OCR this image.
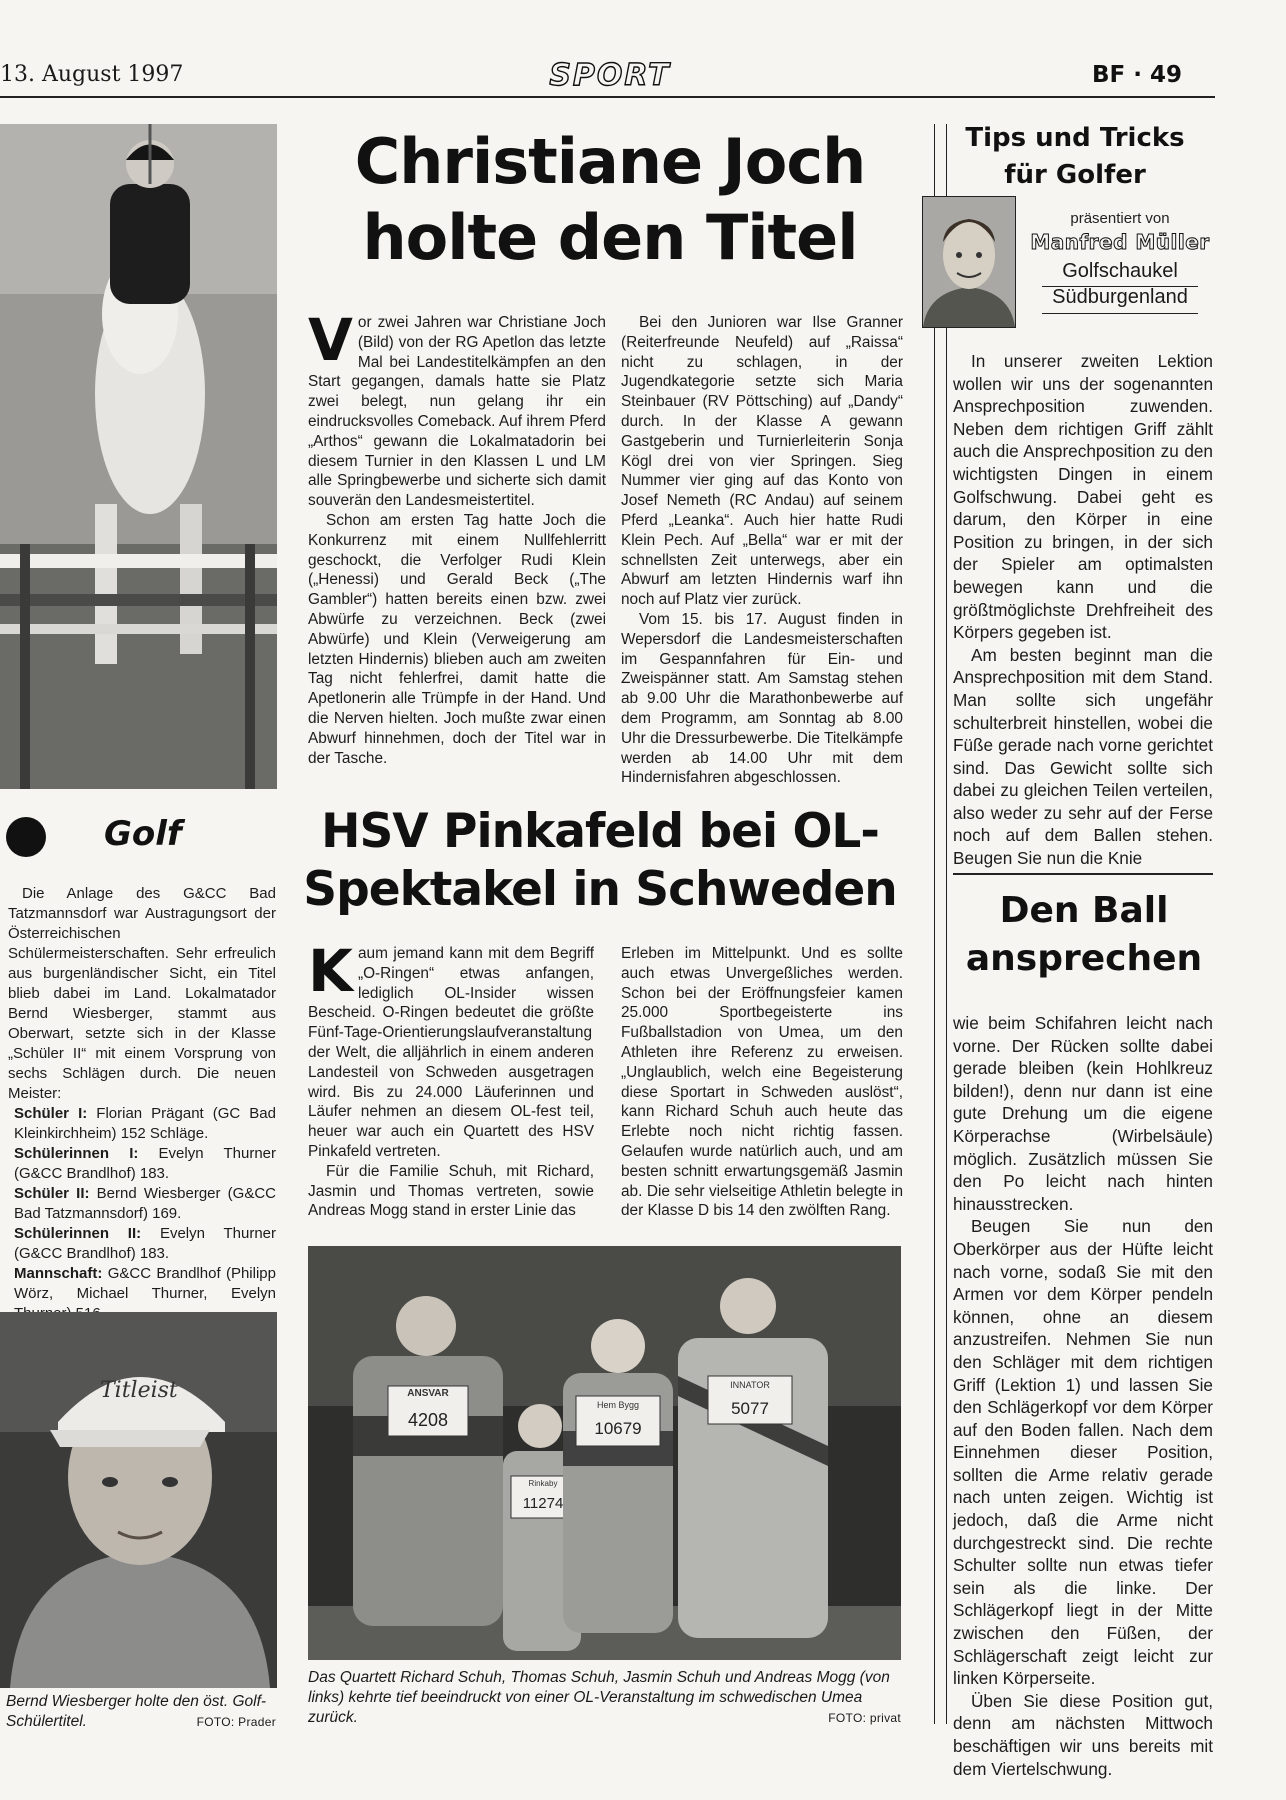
13. August 1997	SPORT	BF · 49
Christiane Joch holte den Titel
V or zwei Jahren war Christiane Joch (Bild) von der RG Apetlon das letzte Mal bei Landestitelkämpfen an den Start gegangen, damals hatte sie Platz zwei belegt, nun gelang ihr ein eindrucksvolles Comeback. Auf ihrem Pferd „Arthos“ gewann die Lokalmatadorin bei diesem Turnier in den Klassen L und LM alle Springbewerbe und sicherte sich damit souverän den Landesmeistertitel.

Schon am ersten Tag hatte Joch die Konkurrenz mit einem Nullfehlerritt geschockt, die Verfolger Rudi Klein („Henessi) und Gerald Beck („The Gambler“) hatten bereits einen bzw. zwei Abwürfe zu verzeichnen. Beck (zwei Abwürfe) und Klein (Verweigerung am letzten Hindernis) blieben auch am zweiten Tag nicht fehlerfrei, damit hatte die Apetlonerin alle Trümpfe in der Hand. Und die Nerven hielten. Joch mußte zwar einen Abwurf hinnehmen, doch der Titel war in der Tasche.

Bei den Junioren war Ilse Granner (Reiterfreunde Neufeld) auf „Raissa“ nicht zu schlagen, in der Jugendkategorie setzte sich Maria Steinbauer (RV Pöttsching) auf „Dandy“ durch. In der Klasse A gewann Gastgeberin und Turnierleiterin Sonja Kögl drei von vier Springen. Sieg Nummer vier ging auf das Konto von Josef Nemeth (RC Andau) auf seinem Pferd „Leanka“. Auch hier hatte Rudi Klein Pech. Auf „Bella“ war er mit der schnellsten Zeit unterwegs, aber ein Abwurf am letzten Hindernis warf ihn noch auf Platz vier zurück.

Vom 15. bis 17. August finden in Wepersdorf die Landesmeisterschaften im Gespannfahren für Ein- und Zweispänner statt. Am Samstag stehen ab 9.00 Uhr die Marathonbewerbe auf dem Programm, am Sonntag ab 8.00 Uhr die Dressurbewerbe. Die Titelkämpfe werden ab 14.00 Uhr mit dem Hindernisfahren abgeschlossen.

Golf

Die Anlage des G&CC Bad Tatzmannsdorf war Austragungsort der Österreichischen Schülermeisterschaften. Sehr erfreulich aus burgenländischer Sicht, ein Titel blieb dabei im Land. Lokalmatador Bernd Wiesberger, stammt aus Oberwart, setzte sich in der Klasse „Schüler II“ mit einem Vorsprung von sechs Schlägen durch. Die neuen Meister:

Schüler I: Florian Prägant (GC Bad Kleinkirchheim) 152 Schläge.

Schülerinnen I: Evelyn Thurner (G&CC Brandlhof) 183.

Schüler II: Bernd Wiesberger (G&CC Bad Tatzmannsdorf) 169.

Schülerinnen II: Evelyn Thurner (G&CC Brandlhof) 183.

Mannschaft: G&CC Brandlhof (Philipp Wörz, Michael Thurner, Evelyn

Titleist
Bernd Wiesberger holte den öst. Golf-Schülertitel.	FOTO: Prader
HSV Pinkafeld bei OL-Spektakel in Schweden
K aum jemand kann mit dem Begriff „O-Ringen“ etwas anfangen, lediglich OL-Insider wissen Bescheid. O-Ringen bedeutet die größte Fünf-Tage-Orientierungslaufveranstaltung der Welt, die alljährlich in einem anderen Landesteil von Schweden ausgetragen wird. Bis zu 24.000 Läuferinnen und Läufer nehmen an diesem OL-fest teil, heuer war auch ein Quartett des HSV Pinkafeld vertreten.

Für die Familie Schuh, mit Richard, Jasmin und Thomas vertreten, sowie Andreas Mogg stand in erster Linie das

Erleben im Mittelpunkt. Und es sollte auch etwas Unvergeßliches werden. Schon bei der Eröffnungsfeier kamen 25.000 Sportbegeisterte ins Fußballstadion von Umea, um den Athleten ihre Referenz zu erweisen. „Unglaublich, welch eine Begeisterung diese Sportart in Schweden auslöst“, kann Richard Schuh auch heute das Erlebte noch nicht richtig fassen. Gelaufen wurde natürlich auch, und am besten schnitt erwartungsgemäß Jasmin ab. Die sehr vielseitige Athletin belegte in der Klasse D bis 14 den zwölften Rang.

ANSVAR
4208
Rinkaby
11274
Hem Bygg
10679
INNATOR
5077
Das Quartett Richard Schuh, Thomas Schuh, Jasmin Schuh und Andreas Mogg (von links) kehrte tief beeindruckt von einer OL-Veranstaltung im schwedischen Umea zurück.	FOTO: privat
Tips und Tricks für Golfer
präsentiert von
Manfred Müller
Golfschaukel
Südburgenland

In unserer zweiten Lektion wollen wir uns der sogenannten Ansprechposition zuwenden. Neben dem richtigen Griff zählt auch die Ansprechposition zu den wichtigsten Dingen in einem Golfschwung. Dabei geht es darum, den Körper in eine Position zu bringen, in der sich der Spieler am optimalsten bewegen kann und die größtmöglichste Drehfreiheit des Körpers gegeben ist.

Am besten beginnt man die Ansprechposition mit dem Stand. Man sollte sich ungefähr schulterbreit hinstellen, wobei die Füße gerade nach vorne gerichtet sind. Das Gewicht sollte sich dabei zu gleichen Teilen verteilen, also weder zu sehr auf der Ferse noch auf dem Ballen stehen. Beugen Sie nun die Knie

Den Ball ansprechen

wie beim Schifahren leicht nach vorne. Der Rücken sollte dabei gerade bleiben (kein Hohlkreuz bilden!), denn nur dann ist eine gute Drehung um die eigene Körperachse (Wirbelsäule) möglich. Zusätzlich müssen Sie den Po leicht nach hinten hinausstrecken.

Beugen Sie nun den Oberkörper aus der Hüfte leicht nach vorne, sodaß Sie mit den Armen vor dem Körper pendeln können, ohne an diesem anzustreifen. Nehmen Sie nun den Schläger mit dem richtigen Griff (Lektion 1) und lassen Sie den Schlägerkopf vor dem Körper auf den Boden fallen. Nach dem Einnehmen dieser Position, sollten die Arme relativ gerade nach unten zeigen. Wichtig ist jedoch, daß die Arme nicht durchgestreckt sind. Die rechte Schulter sollte nun etwas tiefer sein als die linke. Der Schlägerkopf liegt in der Mitte zwischen den Füßen, der Schlägerschaft zeigt leicht zur linken Körperseite.

Üben Sie diese Position gut, denn am nächsten Mittwoch beschäftigen wir uns bereits mit dem Viertelschwung.
